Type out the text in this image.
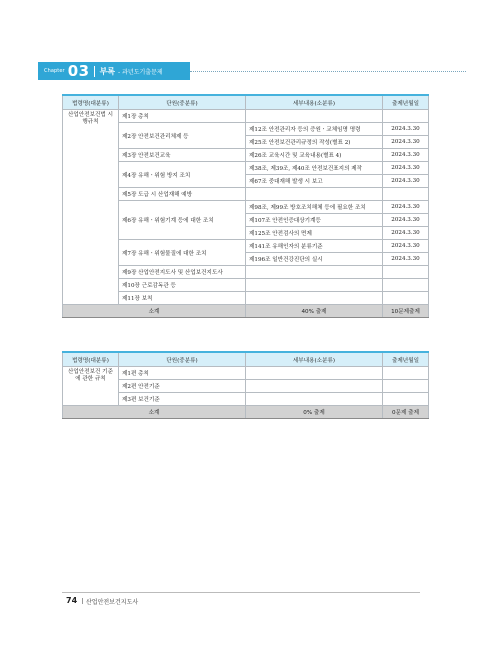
Chapter 03 부록 - 과년도기출문제
법령명(대분류)	단원(중분류)	세부내용(소분류)	출제년월일
산업안전보건법 시행규칙	제1장 총칙		
	제2장 안전보건관리체제 등	제12조 안전관리자 등의 증원ㆍ교체임명 명령	2024.3.30
		제25조 안전보건관리규정의 작성(별표 2)	2024.3.30
	제3장 안전보건교육	제26조 교육시간 및 교육내용(별표 4)	2024.3.30
	제4장 유해ㆍ위험 방지 조치	제38조, 제39조, 제40조 안전보건표지의 제작	2024.3.30
		제67조 중대재해 발생 시 보고	2024.3.30
	제5장 도급 시 산업재해 예방		
	제6장 유해ㆍ위험기계 등에 대한 조치	제98조, 제99조 방호조치해체 등에 필요한 조치	2024.3.30
		제107조 안전인증대상기계등	2024.3.30
		제125조 안전검사의 면제	2024.3.30
	제7장 유해ㆍ위험물질에 대한 조치	제141조 유해인자의 분류기준	2024.3.30
		제196조 일반건강진단의 실시	2024.3.30
	제9장 산업안전지도사 및 산업보건지도사		
	제10장 근로감독관 등		
	제11장 보칙		
소계		40% 출제	10문제출제
법령명(대분류)	단원(중분류)	세부내용(소분류)	출제년월일
산업안전보건 기준에 관한 규칙	제1편 총칙		
	제2편 안전기준		
	제3편 보건기준		
소계		0% 출제	0문제 출제
74 산업안전보건지도사
